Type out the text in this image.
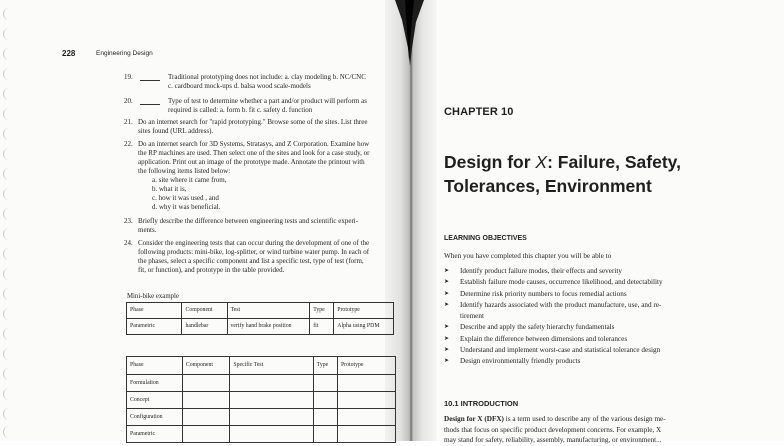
228	Engineering Design
19.	Traditional prototyping does not include: a. clay modeling b. NC/CNC
c. cardboard mock-ups d. balsa wood scale-models
20.	Type of test to determine whether a part and/or product will perform as
required is called: a. form b. fit c. safety d. function
21. Do an internet search for "rapid prototyping." Browse some of the sites. List three
sites found (URL address).
22. Do an internet search for 3D Systems, Stratasys, and Z Corporation. Examine how
the RP machines are used. Then select one of the sites and look for a case study, or
application. Print out an image of the prototype made. Annotate the printout with
the following items listed below:
a. site where it came from,
b. what it is,
c. how it was used , and
d. why it was beneficial.
23. Briefly describe the difference between engineering tests and scientific experi-
ments.
24. Consider the engineering tests that can occur during the development of one of the
following products: mini-bike, log-splitter, or wind turbine water pump. In each of
the phases, select a specific component and list a specific test, type of test (form,
fit, or function), and prototype in the table provided.
Mini-bike example
Phase	Component	Test	Type	Prototype
Parametric	handlebar	verify hand brake position	fit	Alpha using PDM
Phase	Component	Specific Test	Type	Prototype
Formulation				
Concept				
Configuration				
Parametric				
CHAPTER 10
Design for X: Failure, Safety,
Tolerances, Environment
LEARNING OBJECTIVES
When you have completed this chapter you will be able to
➤ Identify product failure modes, their effects and severity
➤ Establish failure mode causes, occurrence likelihood, and detectability
➤ Determine risk priority numbers to focus remedial actions
➤ Identify hazards associated with the product manufacture, use, and re-
tirement
➤ Describe and apply the safety hierarchy fundamentals
➤ Explain the difference between dimensions and tolerances
➤ Understand and implement worst-case and statistical tolerance design
➤ Design environmentally friendly products
10.1 INTRODUCTION
Design for X (DFX) is a term used to describe any of the various design me-
thods that focus on specific product development concerns. For example, X
may stand for safety, reliability, assembly, manufacturing, or environment...
